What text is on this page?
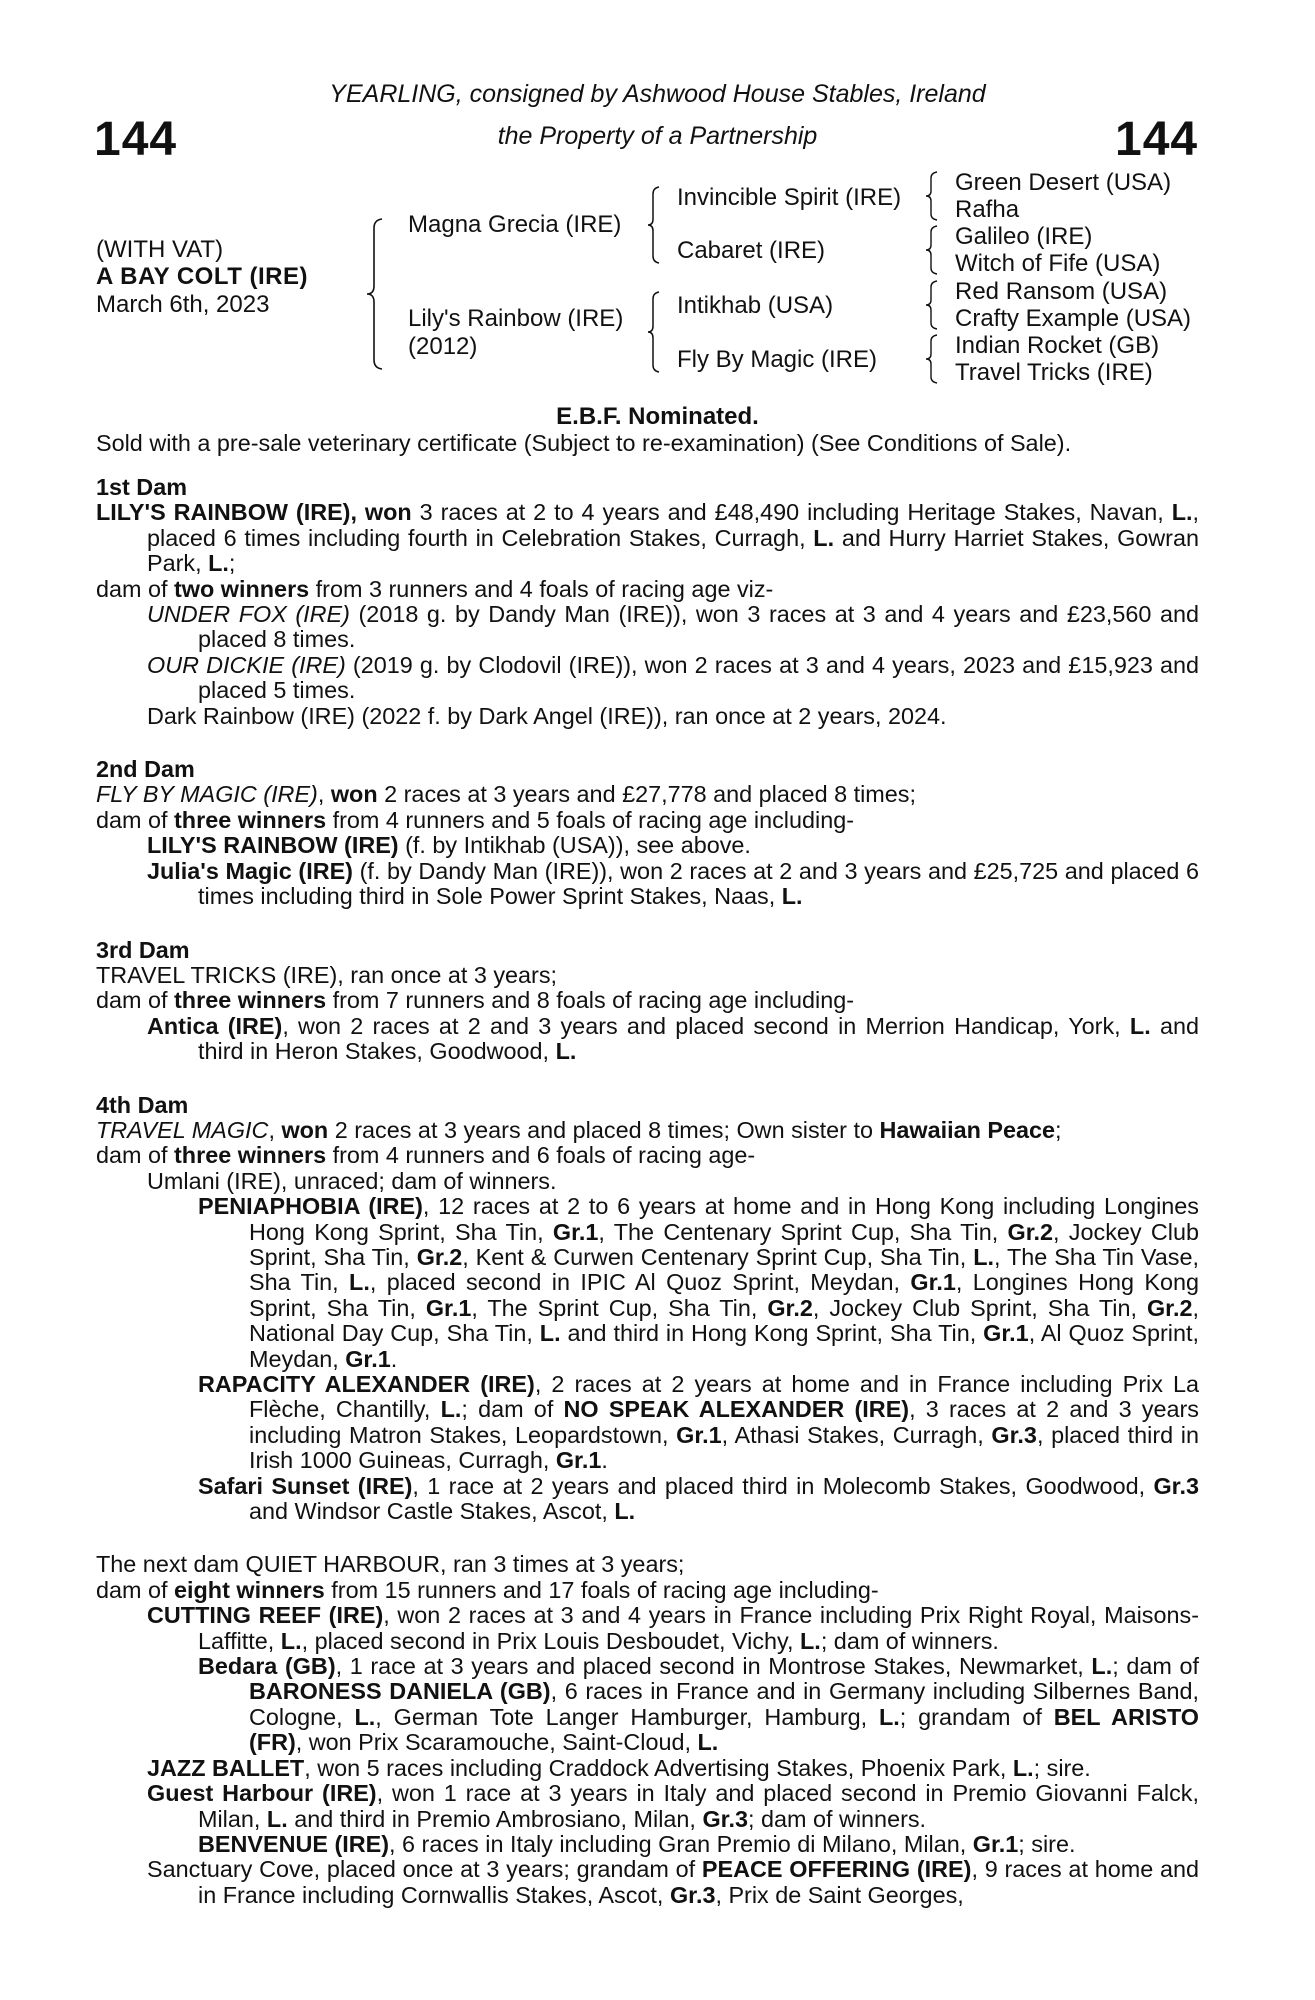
144	144
YEARLING, consigned by Ashwood House Stables, Ireland
the Property of a Partnership
(WITH VAT)
A BAY COLT (IRE)
March 6th, 2023
Magna Grecia (IRE)
Lily's Rainbow (IRE)
(2012)
Invincible Spirit (IRE)
Cabaret (IRE)
Intikhab (USA)
Fly By Magic (IRE)
Green Desert (USA)
Rafha
Galileo (IRE)
Witch of Fife (USA)
Red Ransom (USA)
Crafty Example (USA)
Indian Rocket (GB)
Travel Tricks (IRE)
E.B.F. Nominated.
Sold with a pre-sale veterinary certificate (Subject to re-examination) (See Conditions of Sale).

1st Dam

LILY'S RAINBOW (IRE), won 3 races at 2 to 4 years and £48,490 including Heritage Stakes, Navan, L., placed 6 times including fourth in Celebration Stakes, Curragh, L. and Hurry Harriet Stakes, Gowran Park, L.;

dam of two winners from 3 runners and 4 foals of racing age viz-

UNDER FOX (IRE) (2018 g. by Dandy Man (IRE)), won 3 races at 3 and 4 years and £23,560 and placed 8 times.

OUR DICKIE (IRE) (2019 g. by Clodovil (IRE)), won 2 races at 3 and 4 years, 2023 and £15,923 and placed 5 times.

Dark Rainbow (IRE) (2022 f. by Dark Angel (IRE)), ran once at 2 years, 2024.

2nd Dam

FLY BY MAGIC (IRE), won 2 races at 3 years and £27,778 and placed 8 times;

dam of three winners from 4 runners and 5 foals of racing age including-

LILY'S RAINBOW (IRE) (f. by Intikhab (USA)), see above.

Julia's Magic (IRE) (f. by Dandy Man (IRE)), won 2 races at 2 and 3 years and £25,725 and placed 6 times including third in Sole Power Sprint Stakes, Naas, L.

3rd Dam

TRAVEL TRICKS (IRE), ran once at 3 years;

dam of three winners from 7 runners and 8 foals of racing age including-

Antica (IRE), won 2 races at 2 and 3 years and placed second in Merrion Handicap, York, L. and third in Heron Stakes, Goodwood, L.

4th Dam

TRAVEL MAGIC, won 2 races at 3 years and placed 8 times; Own sister to Hawaiian Peace;

dam of three winners from 4 runners and 6 foals of racing age-

Umlani (IRE), unraced; dam of winners.

PENIAPHOBIA (IRE), 12 races at 2 to 6 years at home and in Hong Kong including Longines Hong Kong Sprint, Sha Tin, Gr.1, The Centenary Sprint Cup, Sha Tin, Gr.2, Jockey Club Sprint, Sha Tin, Gr.2, Kent & Curwen Centenary Sprint Cup, Sha Tin, L., The Sha Tin Vase, Sha Tin, L., placed second in IPIC Al Quoz Sprint, Meydan, Gr.1, Longines Hong Kong Sprint, Sha Tin, Gr.1, The Sprint Cup, Sha Tin, Gr.2, Jockey Club Sprint, Sha Tin, Gr.2, National Day Cup, Sha Tin, L. and third in Hong Kong Sprint, Sha Tin, Gr.1, Al Quoz Sprint, Meydan, Gr.1.

RAPACITY ALEXANDER (IRE), 2 races at 2 years at home and in France including Prix La Flèche, Chantilly, L.; dam of NO SPEAK ALEXANDER (IRE), 3 races at 2 and 3 years including Matron Stakes, Leopardstown, Gr.1, Athasi Stakes, Curragh, Gr.3, placed third in Irish 1000 Guineas, Curragh, Gr.1.

Safari Sunset (IRE), 1 race at 2 years and placed third in Molecomb Stakes, Goodwood, Gr.3 and Windsor Castle Stakes, Ascot, L.

The next dam QUIET HARBOUR, ran 3 times at 3 years;

dam of eight winners from 15 runners and 17 foals of racing age including-

CUTTING REEF (IRE), won 2 races at 3 and 4 years in France including Prix Right Royal, Maisons-Laffitte, L., placed second in Prix Louis Desboudet, Vichy, L.; dam of winners.

Bedara (GB), 1 race at 3 years and placed second in Montrose Stakes, Newmarket, L.; dam of BARONESS DANIELA (GB), 6 races in France and in Germany including Silbernes Band, Cologne, L., German Tote Langer Hamburger, Hamburg, L.; grandam of BEL ARISTO (FR), won Prix Scaramouche, Saint-Cloud, L.

JAZZ BALLET, won 5 races including Craddock Advertising Stakes, Phoenix Park, L.; sire.

Guest Harbour (IRE), won 1 race at 3 years in Italy and placed second in Premio Giovanni Falck, Milan, L. and third in Premio Ambrosiano, Milan, Gr.3; dam of winners.

BENVENUE (IRE), 6 races in Italy including Gran Premio di Milano, Milan, Gr.1; sire.

Sanctuary Cove, placed once at 3 years; grandam of PEACE OFFERING (IRE), 9 races at home and in France including Cornwallis Stakes, Ascot, Gr.3, Prix de Saint Georges,
